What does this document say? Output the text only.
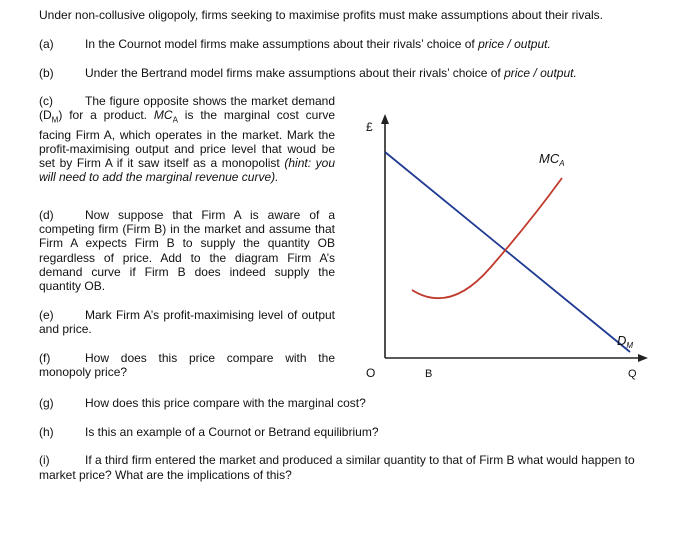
Under non-collusive oligopoly, firms seeking to maximise profits must make assumptions about their rivals.
(a)	In the Cournot model firms make assumptions about their rivals’ choice of price / output.
(b)	Under the Bertrand model firms make assumptions about their rivals’ choice of price / output.

(c)	The figure opposite shows the market demand $(D_M)$ for a product. $MC_A$ is the marginal cost curve facing Firm A, which operates in the market. Mark the profit-maximising output and price level that woud be set by Firm A if it saw itself as a monopolist (hint: you will need to add the marginal revenue curve).

(d)	Now suppose that Firm A is aware of a competing firm (Firm B) in the market and assume that Firm A expects Firm B to supply the quantity OB regardless of price. Add to the diagram Firm A’s demand curve if Firm B does indeed supply the quantity OB.

(e)	Mark Firm A’s profit-maximising level of output and price.

(f)	How does this price compare with the monopoly price?

(g)	How does this price compare with the marginal cost?
(h)	Is this an example of a Cournot or Betrand equilibrium?
(i)	If a third firm entered the market and produced a similar quantity to that of Firm B what would happen to market price? What are the implications of this?
£
$MC_A$
$D_M$
O	B	Q
